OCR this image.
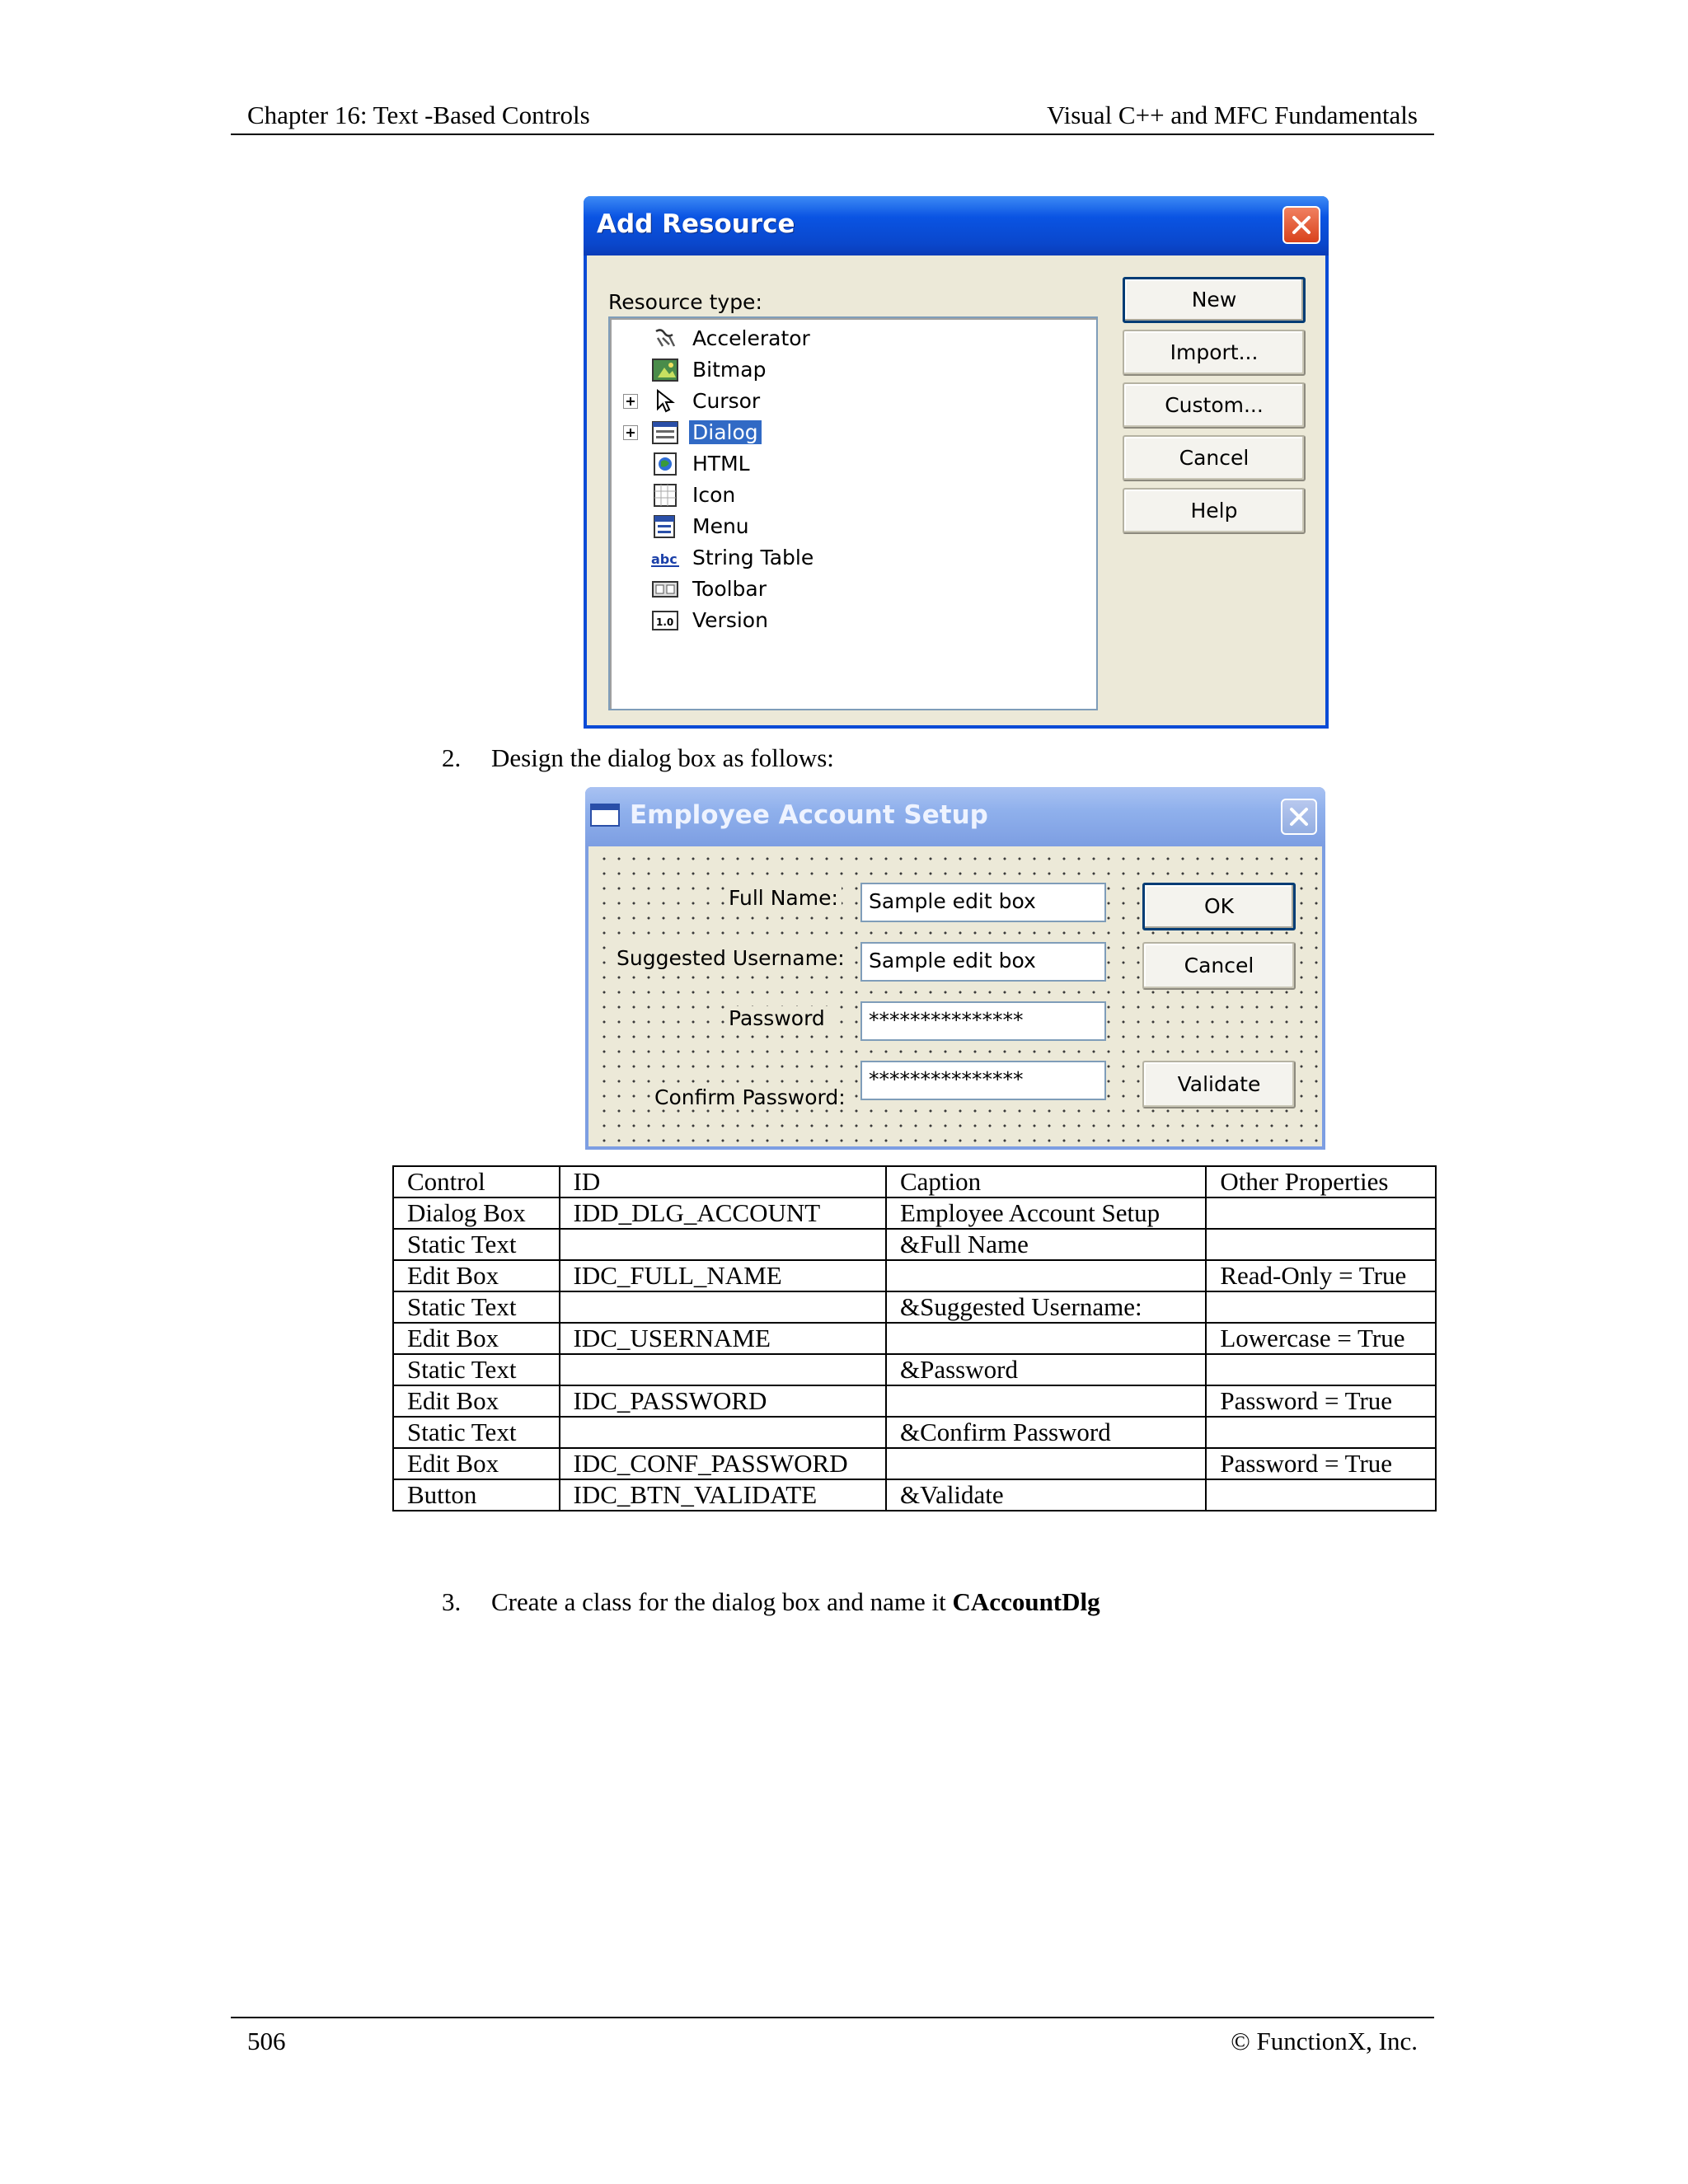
Chapter 16: Text -Based Controls	Visual C++ and MFC Fundamentals
Add Resource
Resource type:
Accelerator
Bitmap
Cursor
Dialog
HTML
Icon
Menu
abc String Table
Toolbar
1.0 Version
New
Import...
Custom...
Cancel
Help
2. Design the dialog box as follows:
Employee Account Setup
Full Name:
Suggested Username:
Password
Confirm Password:
Sample edit box
Sample edit box
***************
***************
OK
Cancel
Validate
Control	ID	Caption	Other Properties
Dialog Box	IDD_DLG_ACCOUNT	Employee Account Setup	
Static Text		&Full Name	
Edit Box	IDC_FULL_NAME		Read-Only = True
Static Text		&Suggested Username:	
Edit Box	IDC_USERNAME		Lowercase = True
Static Text		&Password	
Edit Box	IDC_PASSWORD		Password = True
Static Text		&Confirm Password	
Edit Box	IDC_CONF_PASSWORD		Password = True
Button	IDC_BTN_VALIDATE	&Validate	
3. Create a class for the dialog box and name it CAccountDlg
506	© FunctionX, Inc.
